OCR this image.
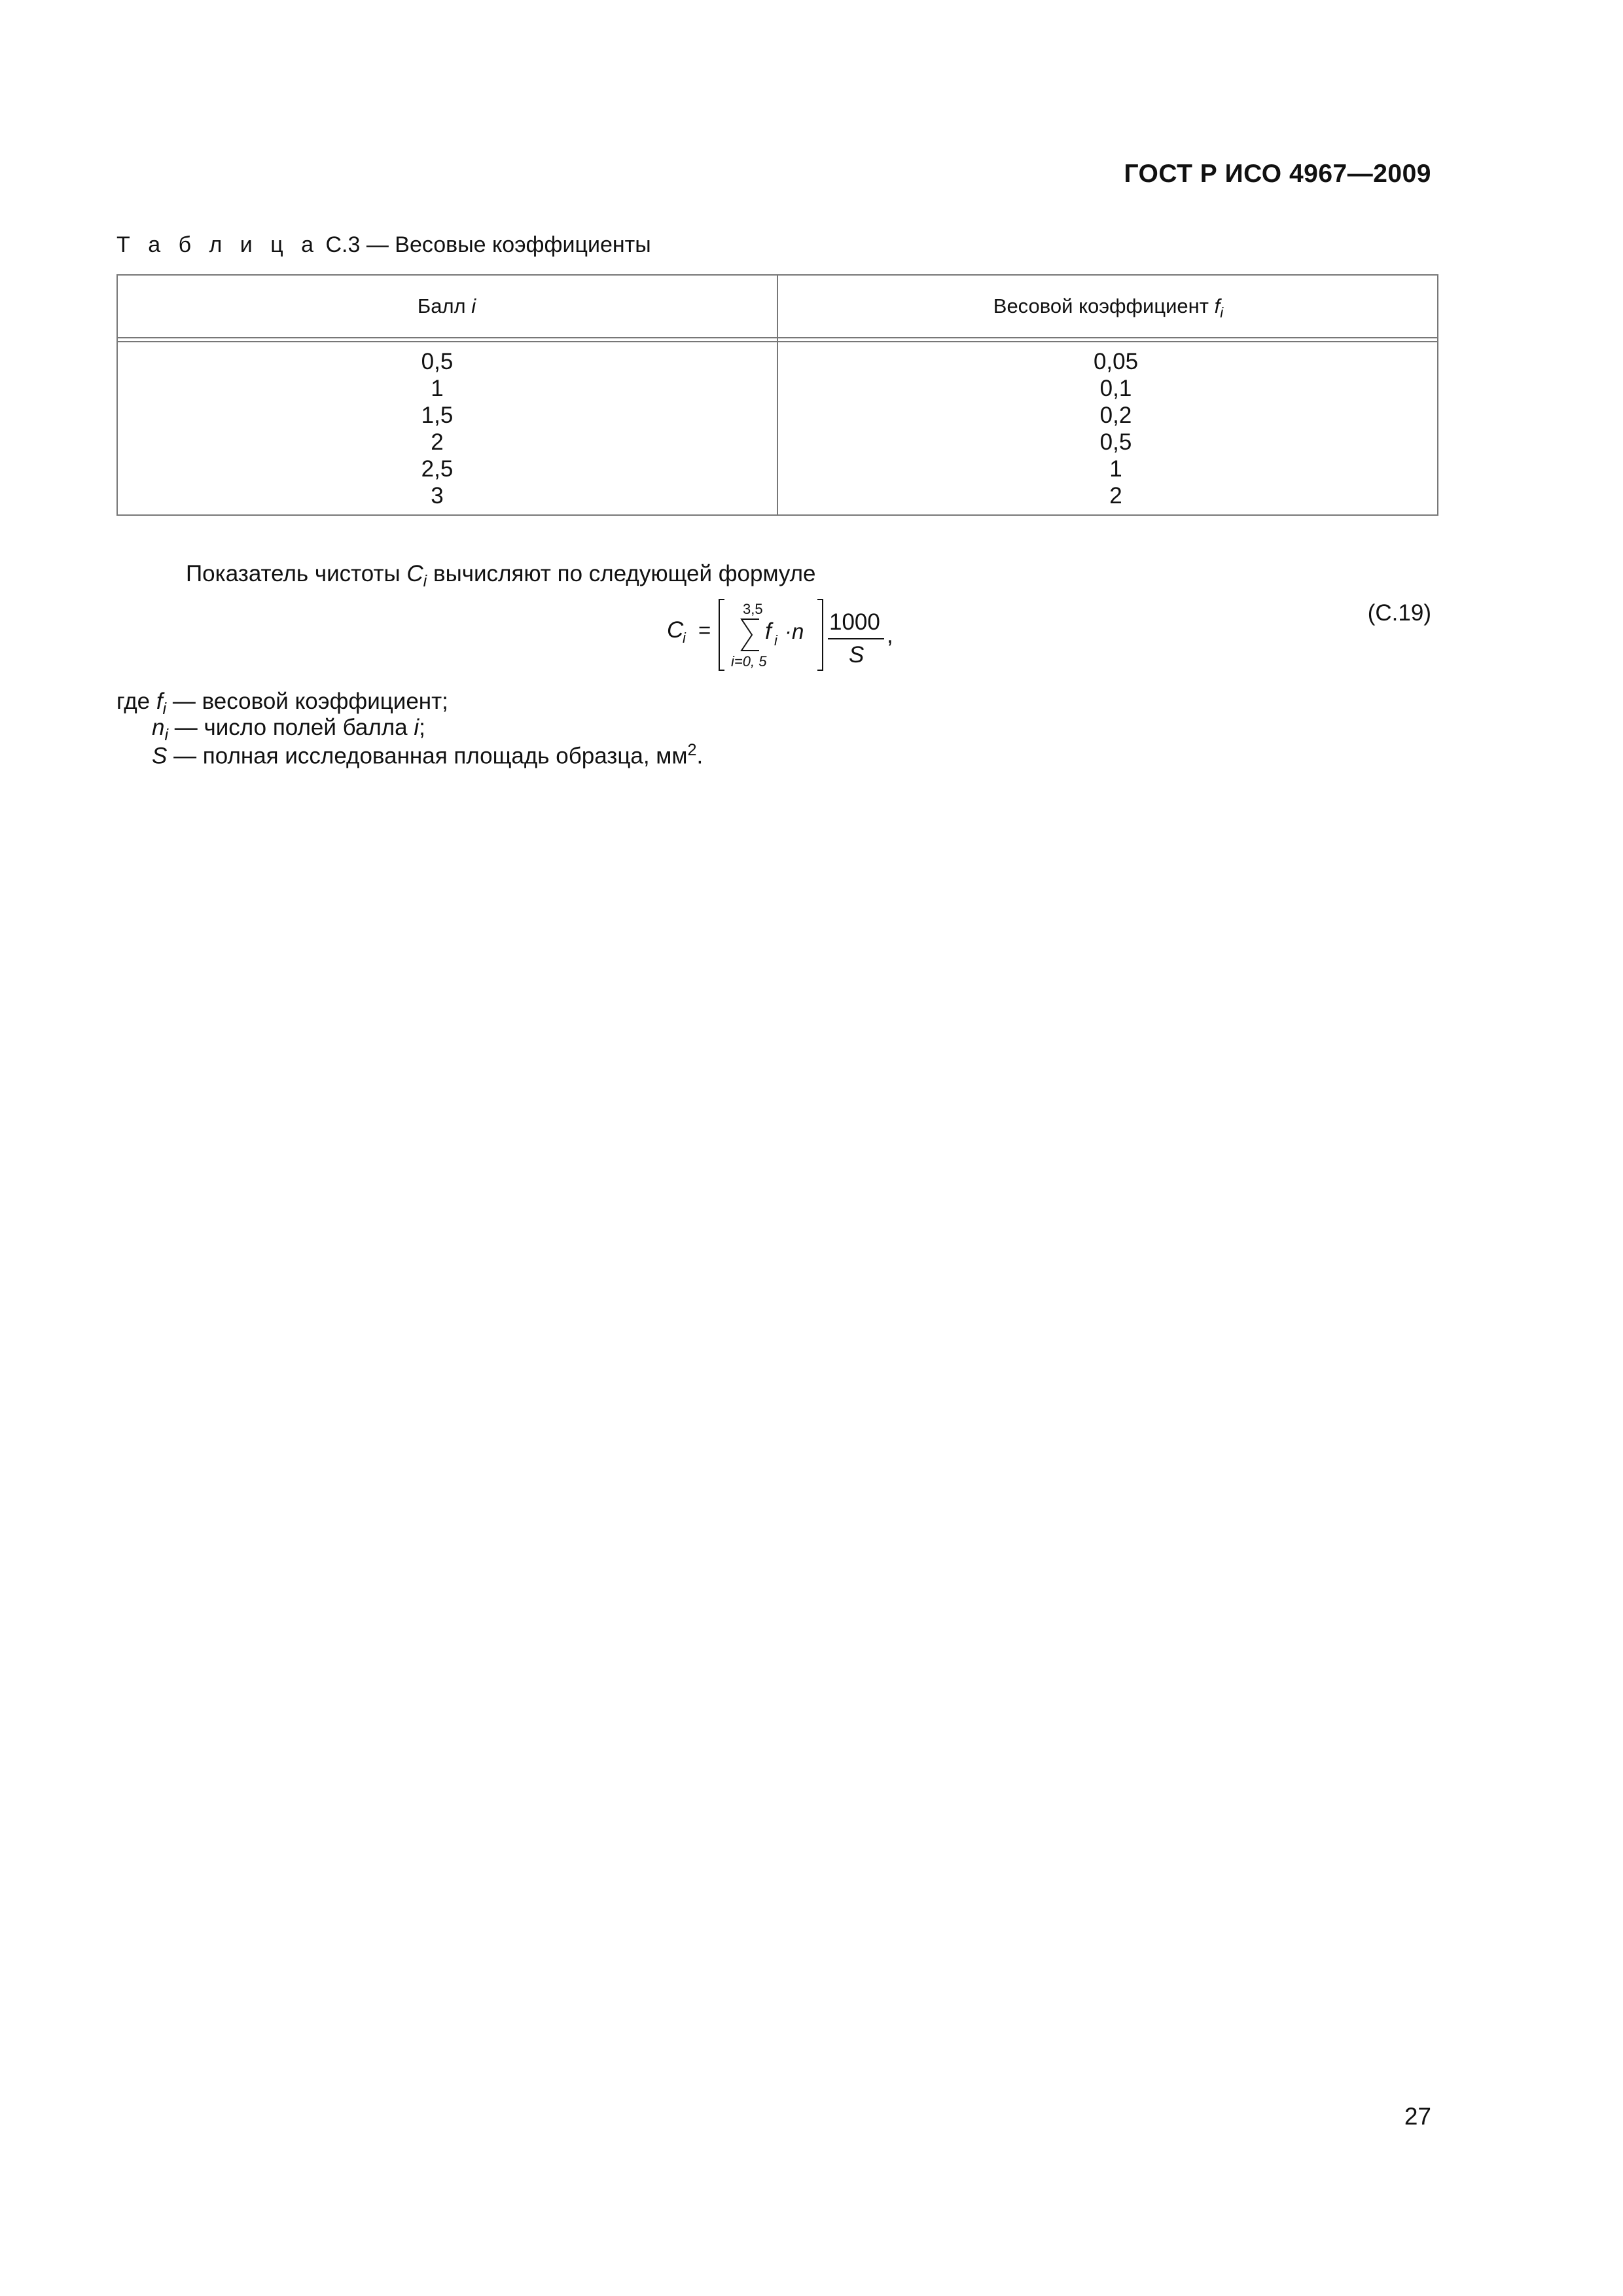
ГОСТ Р ИСО 4967—2009
Т а б л и ц а С.3 — Весовые коэффициенты
Балл i	Весовой коэффициент $f_i$
0,5
1
1,5
2
2,5
3
0,05
0,1
0,2
0,5
1
2
Показатель чистоты $C_i$ вычисляют по следующей формуле
C
i =
3,5
i=0, 5
f i ·n 1000
S
,
(С.19)
где $f_i$ — весовой коэффициент;
$n_i$ — число полей балла i;
S — полная исследованная площадь образца, $мм^2$.
27
